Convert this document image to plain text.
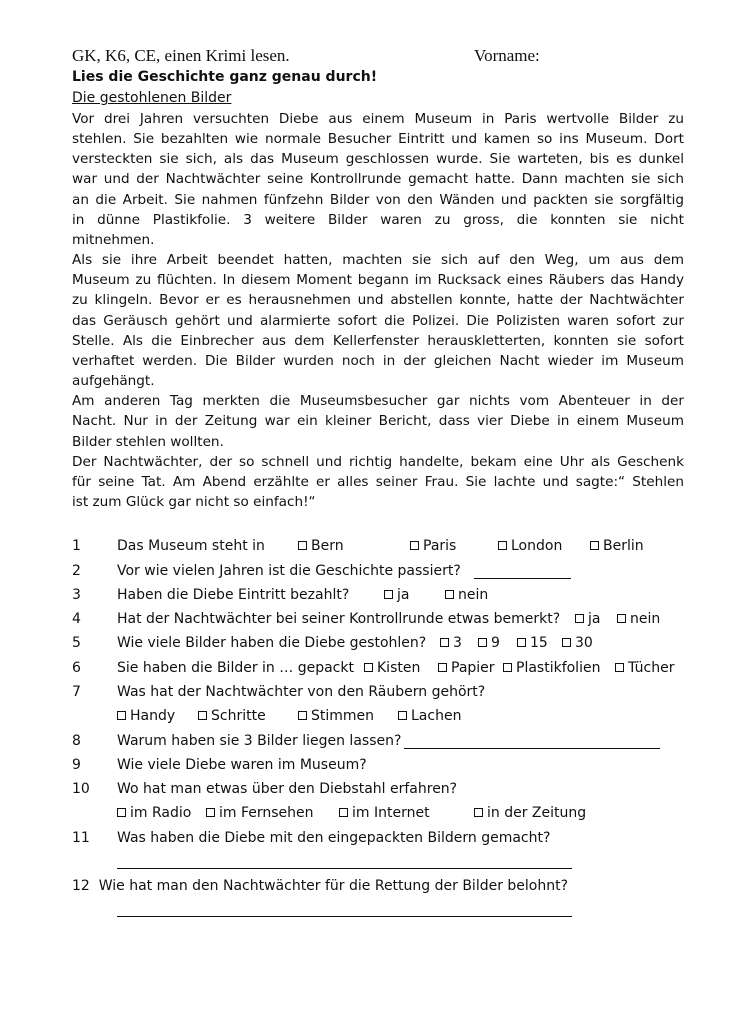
GK, K6, CE, einen Krimi lesen.	Vorname:
Lies die Geschichte ganz genau durch!
Die gestohlenen Bilder
Vor drei Jahren versuchten Diebe aus einem Museum in Paris wertvolle Bilder zu
stehlen. Sie bezahlten wie normale Besucher Eintritt und kamen so ins Museum. Dort
versteckten sie sich, als das Museum geschlossen wurde. Sie warteten, bis es dunkel
war und der Nachtwächter seine Kontrollrunde gemacht hatte. Dann machten sie sich
an die Arbeit. Sie nahmen fünfzehn Bilder von den Wänden und packten sie sorgfältig
in dünne Plastikfolie. 3 weitere Bilder waren zu gross, die konnten sie nicht
mitnehmen.
Als sie ihre Arbeit beendet hatten, machten sie sich auf den Weg, um aus dem
Museum zu flüchten. In diesem Moment begann im Rucksack eines Räubers das Handy
zu klingeln. Bevor er es herausnehmen und abstellen konnte, hatte der Nachtwächter
das Geräusch gehört und alarmierte sofort die Polizei. Die Polizisten waren sofort zur
Stelle. Als die Einbrecher aus dem Kellerfenster herauskletterten, konnten sie sofort
verhaftet werden. Die Bilder wurden noch in der gleichen Nacht wieder im Museum
aufgehängt.
Am anderen Tag merkten die Museumsbesucher gar nichts vom Abenteuer in der
Nacht. Nur in der Zeitung war ein kleiner Bericht, dass vier Diebe in einem Museum
Bilder stehlen wollten.
Der Nachtwächter, der so schnell und richtig handelte, bekam eine Uhr als Geschenk
für seine Tat. Am Abend erzählte er alles seiner Frau. Sie lachte und sagte:“ Stehlen
ist zum Glück gar nicht so einfach!“
1	Das Museum steht in	Bern	Paris	London	Berlin
2	Vor wie vielen Jahren ist die Geschichte passiert?
3	Haben die Diebe Eintritt bezahlt?	ja	nein
4	Hat der Nachtwächter bei seiner Kontrollrunde etwas bemerkt?	ja	nein
5	Wie viele Bilder haben die Diebe gestohlen?	3	9	15	30
6	Sie haben die Bilder in … gepackt	Kisten	Papier	Plastikfolien	Tücher
7	Was hat der Nachtwächter von den Räubern gehört?
Handy	Schritte	Stimmen	Lachen
8	Warum haben sie 3 Bilder liegen lassen?
9	Wie viele Diebe waren im Museum?
10 Wo hat man etwas über den Diebstahl erfahren?
im Radio	im Fernsehen	im Internet	in der Zeitung
11 Was haben die Diebe mit den eingepackten Bildern gemacht?
12 Wie hat man den Nachtwächter für die Rettung der Bilder belohnt?
